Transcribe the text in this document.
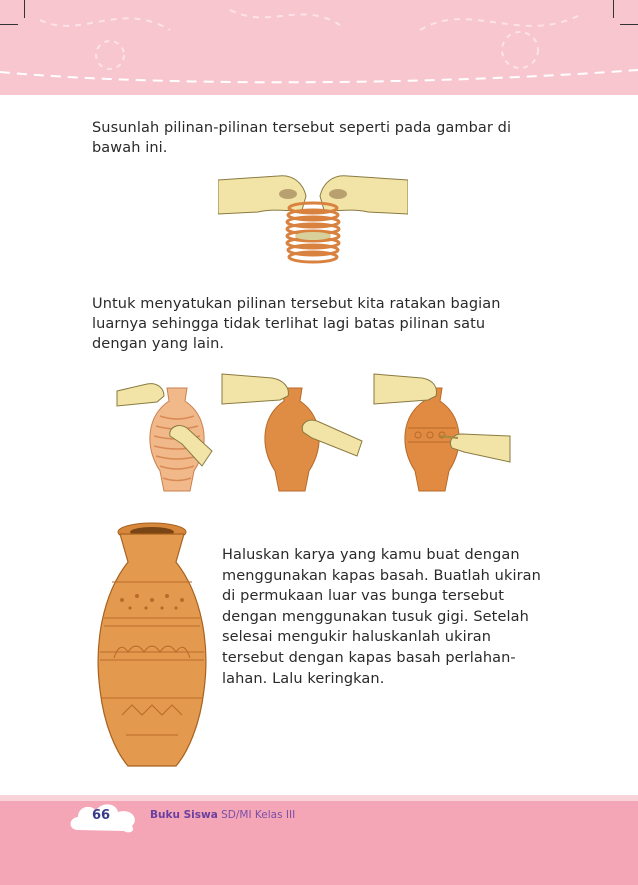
Susunlah pilinan-pilinan tersebut seperti pada gambar di bawah ini.

Untuk menyatukan pilinan tersebut kita ratakan bagian luarnya sehingga tidak terlihat lagi batas pilinan satu dengan yang lain.

Haluskan karya yang kamu buat dengan menggunakan kapas basah. Buatlah ukiran di permukaan luar vas bunga tersebut dengan menggunakan tusuk gigi. Setelah selesai mengukir haluskanlah ukiran tersebut dengan kapas basah perlahan-lahan. Lalu keringkan.

66	Buku Siswa SD/MI Kelas III
